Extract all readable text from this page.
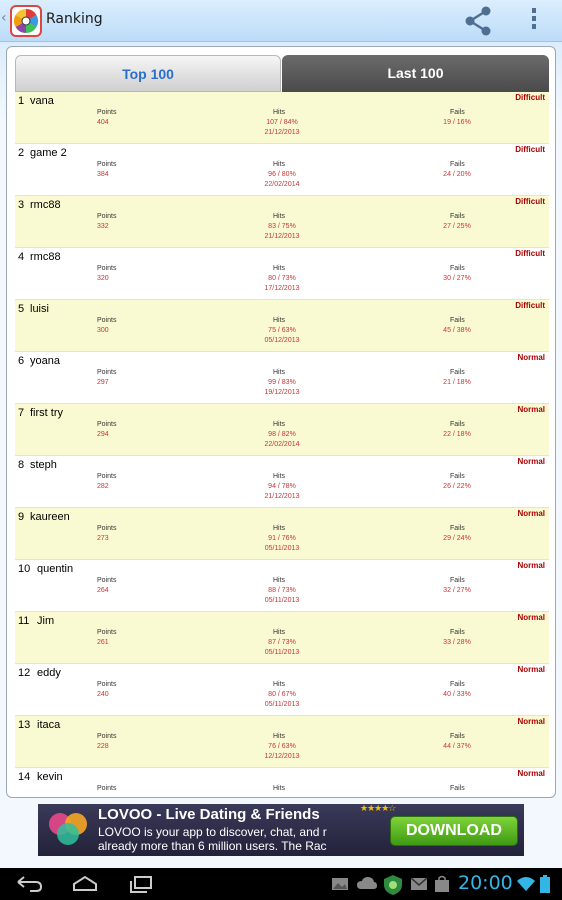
‹	Ranking
Top 100	Last 100
1 vana	Difficult
Points	Hits	Fails
404	107 / 84%	19 / 16%
21/12/2013
2 game 2	Difficult
Points	Hits	Fails
384	96 / 80%	24 / 20%
22/02/2014
3 rmc88	Difficult
Points	Hits	Fails
332	83 / 75%	27 / 25%
21/12/2013
4 rmc88	Difficult
Points	Hits	Fails
320	80 / 73%	30 / 27%
17/12/2013
5 luisi	Difficult
Points	Hits	Fails
300	75 / 63%	45 / 38%
05/12/2013
6 yoana	Normal
Points	Hits	Fails
297	99 / 83%	21 / 18%
19/12/2013
7 first try	Normal
Points	Hits	Fails
294	98 / 82%	22 / 18%
22/02/2014
8 steph	Normal
Points	Hits	Fails
282	94 / 78%	26 / 22%
21/12/2013
9 kaureen	Normal
Points	Hits	Fails
273	91 / 76%	29 / 24%
05/11/2013
10 quentin	Normal
Points	Hits	Fails
264	88 / 73%	32 / 27%
05/11/2013
11 Jim	Normal
Points	Hits	Fails
261	87 / 73%	33 / 28%
05/11/2013
12 eddy	Normal
Points	Hits	Fails
240	80 / 67%	40 / 33%
05/11/2013
13 itaca	Normal
Points	Hits	Fails
228	76 / 63%	44 / 37%
12/12/2013
14 kevin	Normal
Points	Hits	Fails
LOVOO - Live Dating & Friends	★★★★☆
LOVOO is your app to discover, chat, and r
already more than 6 million users. The Rac
DOWNLOAD
20:00
